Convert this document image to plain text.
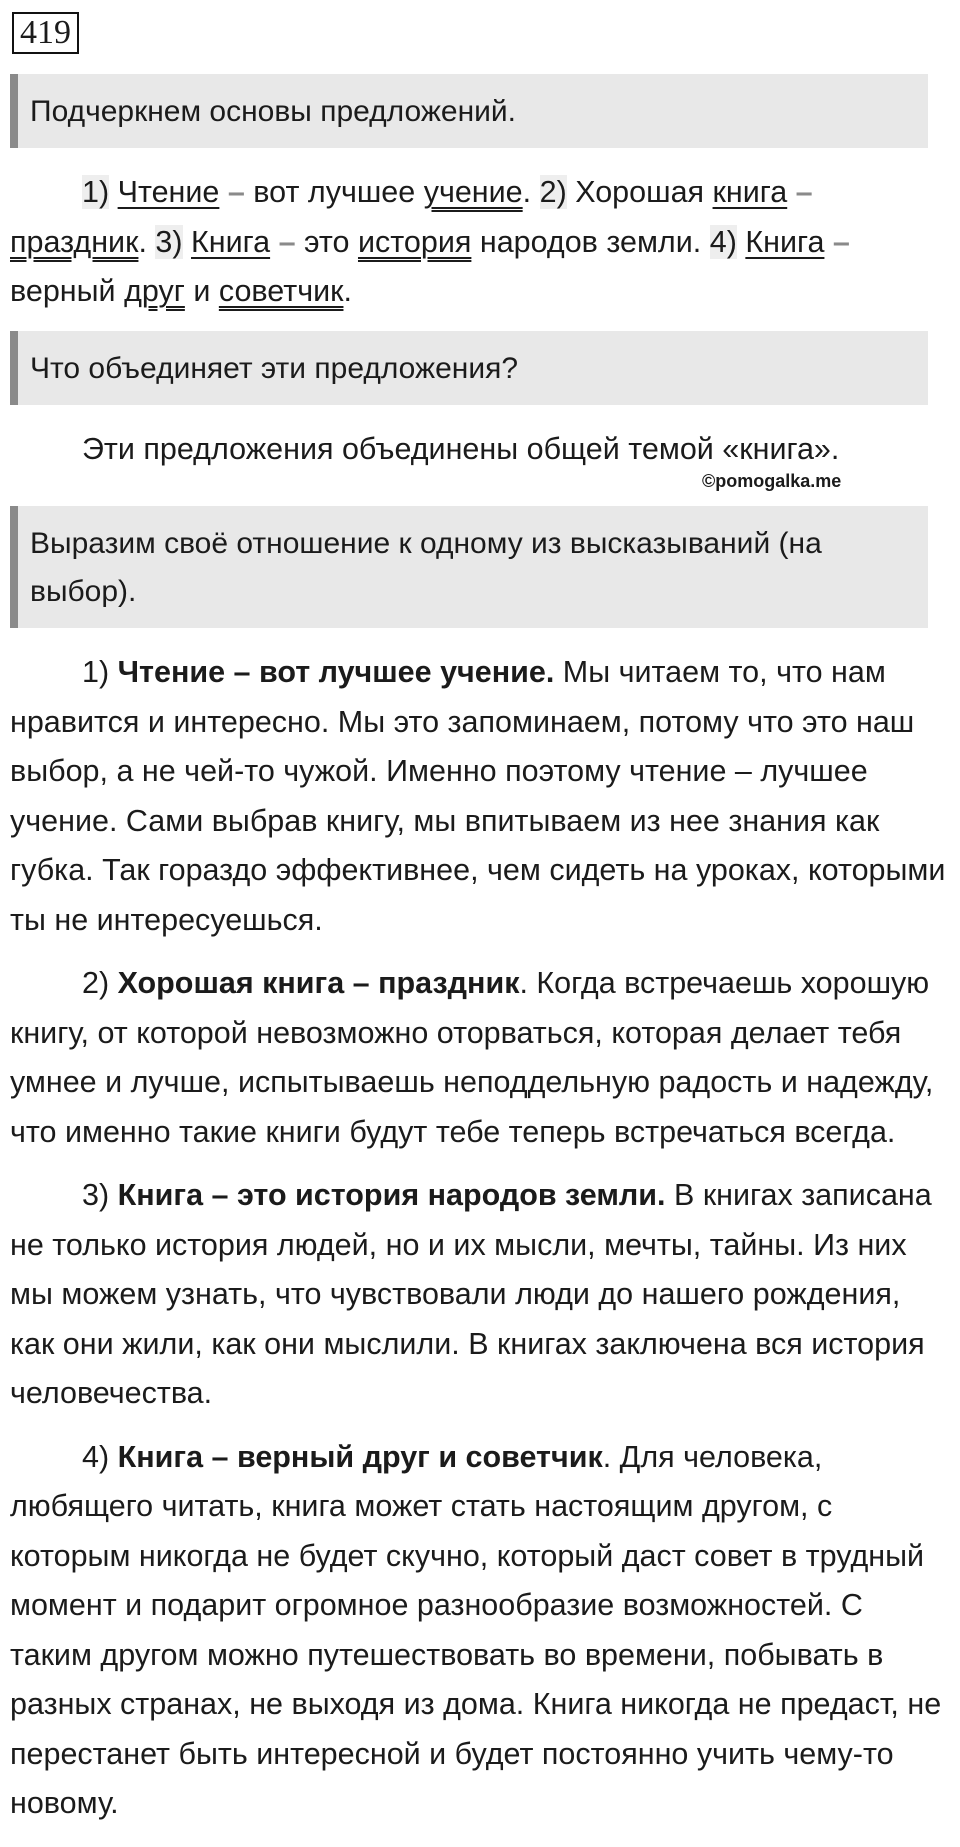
419
Подчеркнем основы предложений.
1) Чтение – вот лучшее учение. 2) Хорошая книга – праздник. 3) Книга – это история народов земли. 4) Книга – верный друг и советчик.
Что объединяет эти предложения?
Эти предложения объединены общей темой «книга».
©pomogalka.me
Выразим своё отношение к одному из высказываний (на выбор).
1) Чтение – вот лучшее учение. Мы читаем то, что нам нравится и интересно. Мы это запоминаем, потому что это наш выбор, а не чей-то чужой. Именно поэтому чтение – лучшее учение. Сами выбрав книгу, мы впитываем из нее знания как губка. Так гораздо эффективнее, чем сидеть на уроках, которыми ты не интересуешься.
2) Хорошая книга – праздник. Когда встречаешь хорошую книгу, от которой невозможно оторваться, которая делает тебя умнее и лучше, испытываешь неподдельную радость и надежду, что именно такие книги будут тебе теперь встречаться всегда.
3) Книга – это история народов земли. В книгах записана не только история людей, но и их мысли, мечты, тайны. Из них мы можем узнать, что чувствовали люди до нашего рождения, как они жили, как они мыслили. В книгах заключена вся история человечества.
4) Книга – верный друг и советчик. Для человека, любящего читать, книга может стать настоящим другом, с которым никогда не будет скучно, который даст совет в трудный момент и подарит огромное разнообразие возможностей. С таким другом можно путешествовать во времени, побывать в разных странах, не выходя из дома. Книга никогда не предаст, не перестанет быть интересной и будет постоянно учить чему-то новому.
